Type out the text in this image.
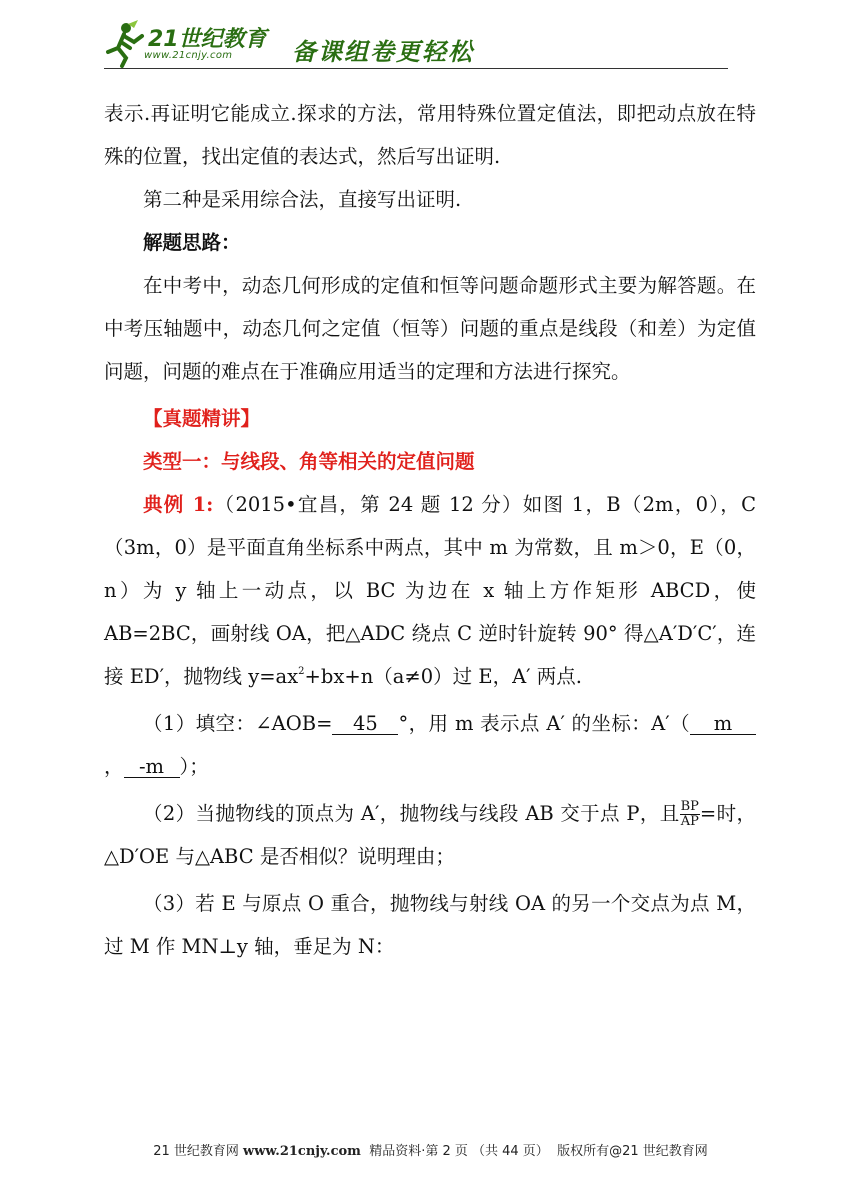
21世纪教育
www.21cnjy.com 备课组卷更轻松

表示.再证明它能成立.探求的方法，常用特殊位置定值法，即把动点放在特殊的位置，找出定值的表达式，然后写出证明.

第二种是采用综合法，直接写出证明.

解题思路：

在中考中，动态几何形成的定值和恒等问题命题形式主要为解答题。在中考压轴题中，动态几何之定值（恒等）问题的重点是线段（和差）为定值问题，问题的难点在于准确应用适当的定理和方法进行探究。

【真题精讲】

类型一：与线段、角等相关的定值问题

典例 1:（2015•宜昌，第 24 题 12 分）如图 1，B（2m，0），C（3m，0）是平面直角坐标系中两点，其中 m 为常数，且 m＞0，E（0，n）为 y 轴上一动点，以 BC 为边在 x 轴上方作矩形 ABCD，使 AB=2BC，画射线 OA，把△ADC 绕点 C 逆时针旋转 90° 得△A′D′C′，连接 ED′，抛物线 $y=ax^2+bx+n(a\ne 0)$过 E，A′ 两点.

（1）填空：∠AOB= 45 °，用 m 表示点 A′ 的坐标：A′（ m， -m ）；

（2）当抛物线的顶点为 A′，抛物线与线段 AB 交于点 P，且 $\frac{BP}{AP}$ =时，△D′OE 与△ABC 是否相似？说明理由；

（3）若 E 与原点 O 重合，抛物线与射线 OA 的另一个交点为点 M，过 M 作 MN⊥y 轴，垂足为 N：

21 世纪教育网 www.21cnjy.com 精品资料·第 2 页 （共 44 页） 版权所有@21 世纪教育网
